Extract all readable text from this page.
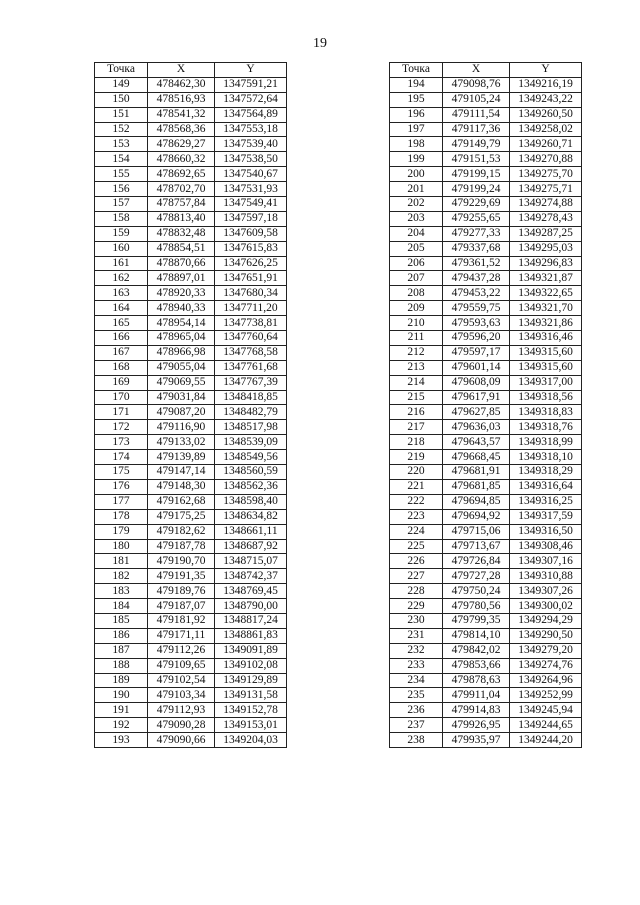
19
Точка	X	Y
149	478462,30	1347591,21
150	478516,93	1347572,64
151	478541,32	1347564,89
152	478568,36	1347553,18
153	478629,27	1347539,40
154	478660,32	1347538,50
155	478692,65	1347540,67
156	478702,70	1347531,93
157	478757,84	1347549,41
158	478813,40	1347597,18
159	478832,48	1347609,58
160	478854,51	1347615,83
161	478870,66	1347626,25
162	478897,01	1347651,91
163	478920,33	1347680,34
164	478940,33	1347711,20
165	478954,14	1347738,81
166	478965,04	1347760,64
167	478966,98	1347768,58
168	479055,04	1347761,68
169	479069,55	1347767,39
170	479031,84	1348418,85
171	479087,20	1348482,79
172	479116,90	1348517,98
173	479133,02	1348539,09
174	479139,89	1348549,56
175	479147,14	1348560,59
176	479148,30	1348562,36
177	479162,68	1348598,40
178	479175,25	1348634,82
179	479182,62	1348661,11
180	479187,78	1348687,92
181	479190,70	1348715,07
182	479191,35	1348742,37
183	479189,76	1348769,45
184	479187,07	1348790,00
185	479181,92	1348817,24
186	479171,11	1348861,83
187	479112,26	1349091,89
188	479109,65	1349102,08
189	479102,54	1349129,89
190	479103,34	1349131,58
191	479112,93	1349152,78
192	479090,28	1349153,01
193	479090,66	1349204,03
Точка	X	Y
194	479098,76	1349216,19
195	479105,24	1349243,22
196	479111,54	1349260,50
197	479117,36	1349258,02
198	479149,79	1349260,71
199	479151,53	1349270,88
200	479199,15	1349275,70
201	479199,24	1349275,71
202	479229,69	1349274,88
203	479255,65	1349278,43
204	479277,33	1349287,25
205	479337,68	1349295,03
206	479361,52	1349296,83
207	479437,28	1349321,87
208	479453,22	1349322,65
209	479559,75	1349321,70
210	479593,63	1349321,86
211	479596,20	1349316,46
212	479597,17	1349315,60
213	479601,14	1349315,60
214	479608,09	1349317,00
215	479617,91	1349318,56
216	479627,85	1349318,83
217	479636,03	1349318,76
218	479643,57	1349318,99
219	479668,45	1349318,10
220	479681,91	1349318,29
221	479681,85	1349316,64
222	479694,85	1349316,25
223	479694,92	1349317,59
224	479715,06	1349316,50
225	479713,67	1349308,46
226	479726,84	1349307,16
227	479727,28	1349310,88
228	479750,24	1349307,26
229	479780,56	1349300,02
230	479799,35	1349294,29
231	479814,10	1349290,50
232	479842,02	1349279,20
233	479853,66	1349274,76
234	479878,63	1349264,96
235	479911,04	1349252,99
236	479914,83	1349245,94
237	479926,95	1349244,65
238	479935,97	1349244,20
